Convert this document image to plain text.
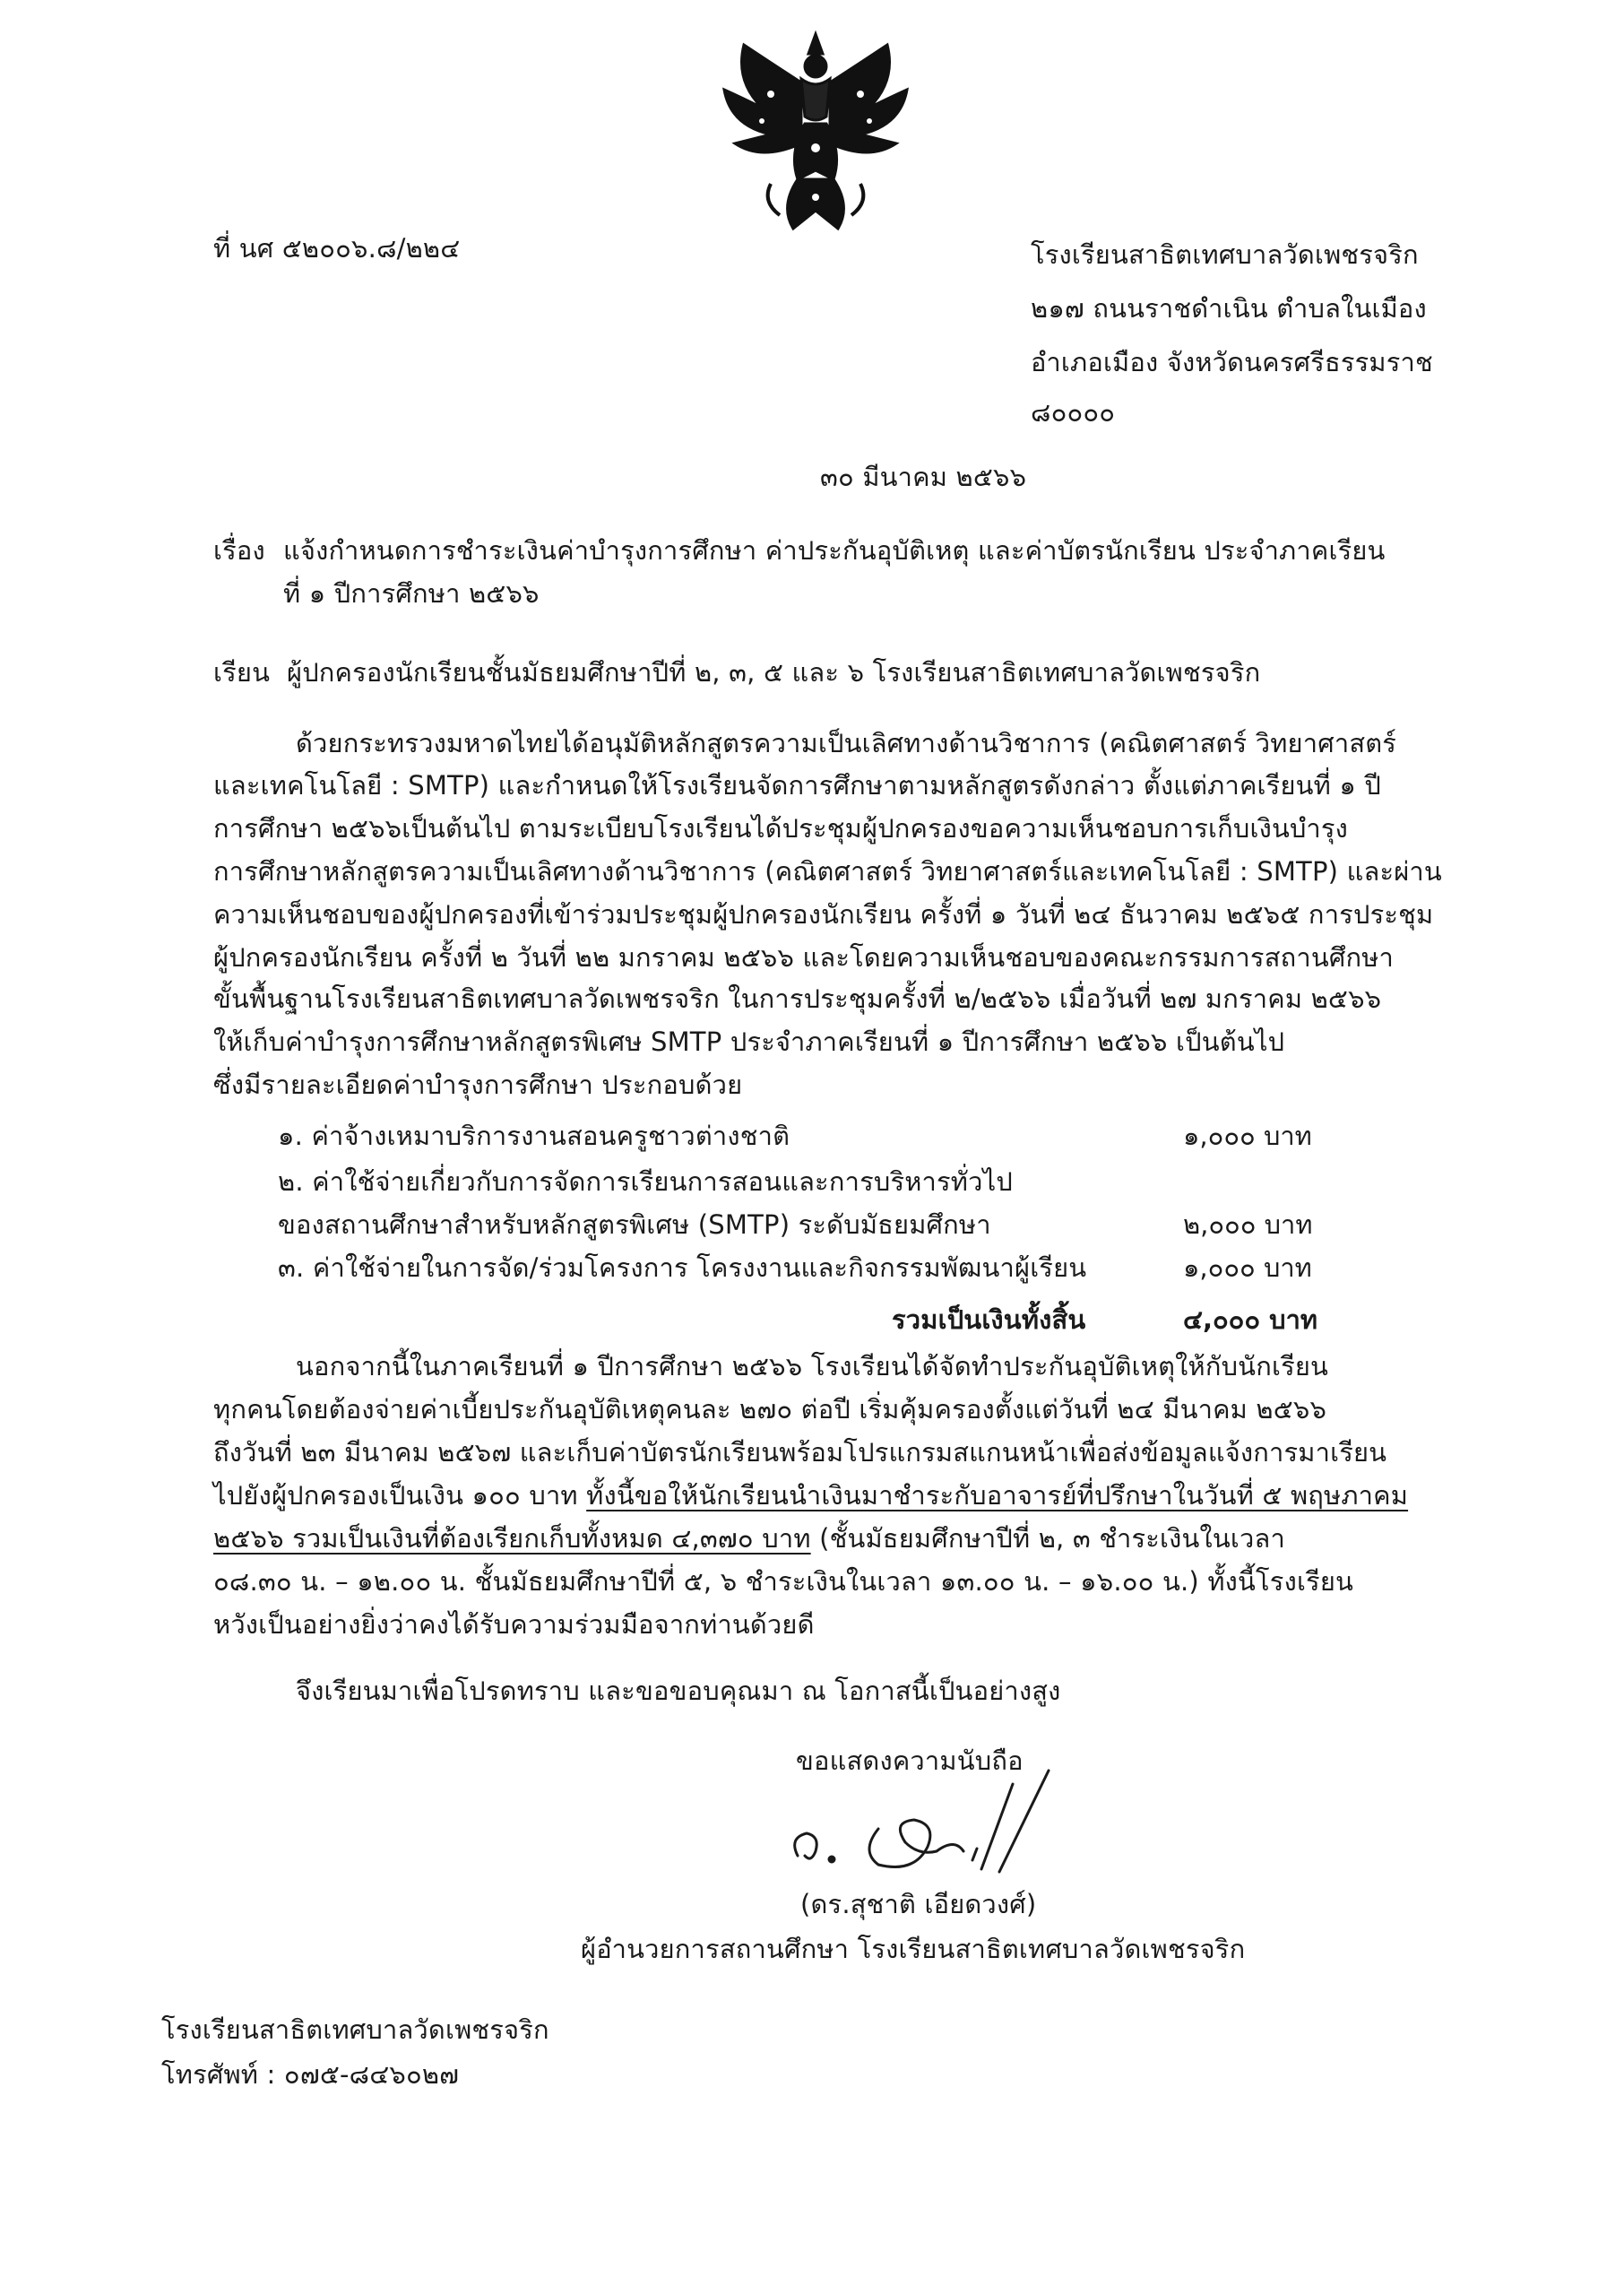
ที่ นศ ๕๒๐๐๖.๘/๒๒๔	โรงเรียนสาธิตเทศบาลวัดเพชรจริก
๒๑๗ ถนนราชดำเนิน ตำบลในเมือง
อำเภอเมือง จังหวัดนครศรีธรรมราช
๘๐๐๐๐
๓๐ มีนาคม ๒๕๖๖
เรื่อง แจ้งกำหนดการชำระเงินค่าบำรุงการศึกษา ค่าประกันอุบัติเหตุ และค่าบัตรนักเรียน ประจำภาคเรียน
ที่ ๑ ปีการศึกษา ๒๕๖๖
เรียน ผู้ปกครองนักเรียนชั้นมัธยมศึกษาปีที่ ๒, ๓, ๕ และ ๖ โรงเรียนสาธิตเทศบาลวัดเพชรจริก
ด้วยกระทรวงมหาดไทยได้อนุมัติหลักสูตรความเป็นเลิศทางด้านวิชาการ (คณิตศาสตร์ วิทยาศาสตร์
และเทคโนโลยี : SMTP) และกำหนดให้โรงเรียนจัดการศึกษาตามหลักสูตรดังกล่าว ตั้งแต่ภาคเรียนที่ ๑ ปี
การศึกษา ๒๕๖๖เป็นต้นไป ตามระเบียบโรงเรียนได้ประชุมผู้ปกครองขอความเห็นชอบการเก็บเงินบำรุง
การศึกษาหลักสูตรความเป็นเลิศทางด้านวิชาการ (คณิตศาสตร์ วิทยาศาสตร์และเทคโนโลยี : SMTP) และผ่าน
ความเห็นชอบของผู้ปกครองที่เข้าร่วมประชุมผู้ปกครองนักเรียน ครั้งที่ ๑ วันที่ ๒๔ ธันวาคม ๒๕๖๕ การประชุม
ผู้ปกครองนักเรียน ครั้งที่ ๒ วันที่ ๒๒ มกราคม ๒๕๖๖ และโดยความเห็นชอบของคณะกรรมการสถานศึกษา
ขั้นพื้นฐานโรงเรียนสาธิตเทศบาลวัดเพชรจริก ในการประชุมครั้งที่ ๒/๒๕๖๖ เมื่อวันที่ ๒๗ มกราคม ๒๕๖๖
ให้เก็บค่าบำรุงการศึกษาหลักสูตรพิเศษ SMTP ประจำภาคเรียนที่ ๑ ปีการศึกษา ๒๕๖๖ เป็นต้นไป
ซึ่งมีรายละเอียดค่าบำรุงการศึกษา ประกอบด้วย
๑. ค่าจ้างเหมาบริการงานสอนครูชาวต่างชาติ	๑,๐๐๐ บาท
๒. ค่าใช้จ่ายเกี่ยวกับการจัดการเรียนการสอนและการบริหารทั่วไป
ของสถานศึกษาสำหรับหลักสูตรพิเศษ (SMTP) ระดับมัธยมศึกษา	๒,๐๐๐ บาท
๓. ค่าใช้จ่ายในการจัด/ร่วมโครงการ โครงงานและกิจกรรมพัฒนาผู้เรียน	๑,๐๐๐ บาท
รวมเป็นเงินทั้งสิ้น	๔,๐๐๐ บาท
นอกจากนี้ในภาคเรียนที่ ๑ ปีการศึกษา ๒๕๖๖ โรงเรียนได้จัดทำประกันอุบัติเหตุให้กับนักเรียน
ทุกคนโดยต้องจ่ายค่าเบี้ยประกันอุบัติเหตุคนละ ๒๗๐ ต่อปี เริ่มคุ้มครองตั้งแต่วันที่ ๒๔ มีนาคม ๒๕๖๖
ถึงวันที่ ๒๓ มีนาคม ๒๕๖๗ และเก็บค่าบัตรนักเรียนพร้อมโปรแกรมสแกนหน้าเพื่อส่งข้อมูลแจ้งการมาเรียน
ไปยังผู้ปกครองเป็นเงิน ๑๐๐ บาท ทั้งนี้ขอให้นักเรียนนำเงินมาชำระกับอาจารย์ที่ปรึกษาในวันที่ ๕ พฤษภาคม
๒๕๖๖ รวมเป็นเงินที่ต้องเรียกเก็บทั้งหมด ๔,๓๗๐ บาท (ชั้นมัธยมศึกษาปีที่ ๒, ๓ ชำระเงินในเวลา
๐๘.๓๐ น. – ๑๒.๐๐ น. ชั้นมัธยมศึกษาปีที่ ๕, ๖ ชำระเงินในเวลา ๑๓.๐๐ น. – ๑๖.๐๐ น.) ทั้งนี้โรงเรียน
หวังเป็นอย่างยิ่งว่าคงได้รับความร่วมมือจากท่านด้วยดี
จึงเรียนมาเพื่อโปรดทราบ และขอขอบคุณมา ณ โอกาสนี้เป็นอย่างสูง
ขอแสดงความนับถือ
(ดร.สุชาติ เอียดวงศ์)
ผู้อำนวยการสถานศึกษา โรงเรียนสาธิตเทศบาลวัดเพชรจริก
โรงเรียนสาธิตเทศบาลวัดเพชรจริก
โทรศัพท์ : ๐๗๕-๘๔๖๐๒๗
